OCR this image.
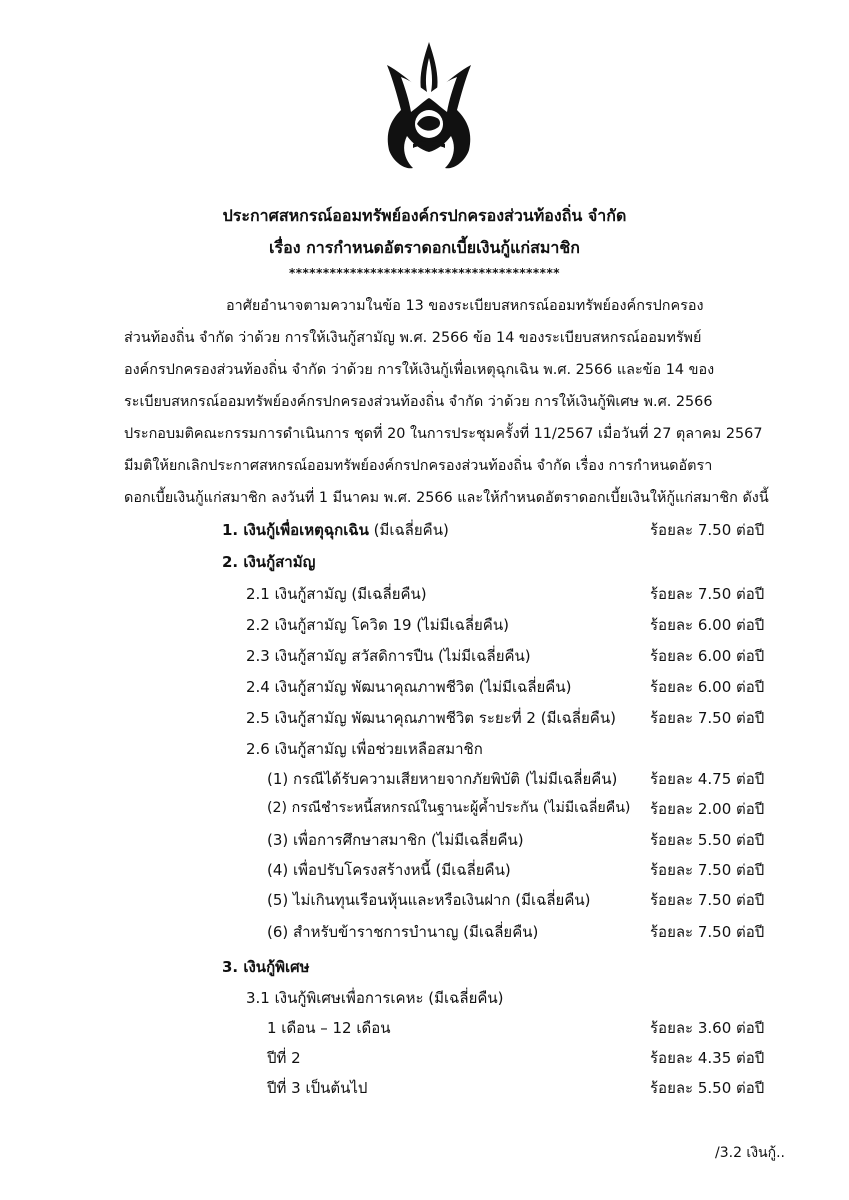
ประกาศสหกรณ์ออมทรัพย์องค์กรปกครองส่วนท้องถิ่น จำกัด
เรื่อง การกำหนดอัตราดอกเบี้ยเงินกู้แก่สมาชิก
****************************************
อาศัยอำนาจตามความในข้อ 13 ของระเบียบสหกรณ์ออมทรัพย์องค์กรปกครอง
ส่วนท้องถิ่น จำกัด ว่าด้วย การให้เงินกู้สามัญ พ.ศ. 2566 ข้อ 14 ของระเบียบสหกรณ์ออมทรัพย์
องค์กรปกครองส่วนท้องถิ่น จำกัด ว่าด้วย การให้เงินกู้เพื่อเหตุฉุกเฉิน พ.ศ. 2566 และข้อ 14 ของ
ระเบียบสหกรณ์ออมทรัพย์องค์กรปกครองส่วนท้องถิ่น จำกัด ว่าด้วย การให้เงินกู้พิเศษ พ.ศ. 2566
ประกอบมติคณะกรรมการดำเนินการ ชุดที่ 20 ในการประชุมครั้งที่ 11/2567 เมื่อวันที่ 27 ตุลาคม 2567
มีมติให้ยกเลิกประกาศสหกรณ์ออมทรัพย์องค์กรปกครองส่วนท้องถิ่น จำกัด เรื่อง การกำหนดอัตรา
ดอกเบี้ยเงินกู้แก่สมาชิก ลงวันที่ 1 มีนาคม พ.ศ. 2566 และให้กำหนดอัตราดอกเบี้ยเงินให้กู้แก่สมาชิก ดังนี้
1. เงินกู้เพื่อเหตุฉุกเฉิน (มีเฉลี่ยคืน)	ร้อยละ 7.50 ต่อปี
2. เงินกู้สามัญ
2.1 เงินกู้สามัญ (มีเฉลี่ยคืน)	ร้อยละ 7.50 ต่อปี
2.2 เงินกู้สามัญ โควิด 19 (ไม่มีเฉลี่ยคืน)	ร้อยละ 6.00 ต่อปี
2.3 เงินกู้สามัญ สวัสดิการปืน (ไม่มีเฉลี่ยคืน)	ร้อยละ 6.00 ต่อปี
2.4 เงินกู้สามัญ พัฒนาคุณภาพชีวิต (ไม่มีเฉลี่ยคืน)	ร้อยละ 6.00 ต่อปี
2.5 เงินกู้สามัญ พัฒนาคุณภาพชีวิต ระยะที่ 2 (มีเฉลี่ยคืน) ร้อยละ 7.50 ต่อปี
2.6 เงินกู้สามัญ เพื่อช่วยเหลือสมาชิก
(1) กรณีได้รับความเสียหายจากภัยพิบัติ (ไม่มีเฉลี่ยคืน) ร้อยละ 4.75 ต่อปี
(2) กรณีชำระหนี้สหกรณ์ในฐานะผู้ค้ำประกัน (ไม่มีเฉลี่ยคืน) ร้อยละ 2.00 ต่อปี
(3) เพื่อการศึกษาสมาชิก (ไม่มีเฉลี่ยคืน)	ร้อยละ 5.50 ต่อปี
(4) เพื่อปรับโครงสร้างหนี้ (มีเฉลี่ยคืน)	ร้อยละ 7.50 ต่อปี
(5) ไม่เกินทุนเรือนหุ้นและหรือเงินฝาก (มีเฉลี่ยคืน)	ร้อยละ 7.50 ต่อปี
(6) สำหรับข้าราชการบำนาญ (มีเฉลี่ยคืน)	ร้อยละ 7.50 ต่อปี
3. เงินกู้พิเศษ
3.1 เงินกู้พิเศษเพื่อการเคหะ (มีเฉลี่ยคืน)
1 เดือน – 12 เดือน	ร้อยละ 3.60 ต่อปี
ปีที่ 2	ร้อยละ 4.35 ต่อปี
ปีที่ 3 เป็นต้นไป	ร้อยละ 5.50 ต่อปี
/3.2 เงินกู้..
